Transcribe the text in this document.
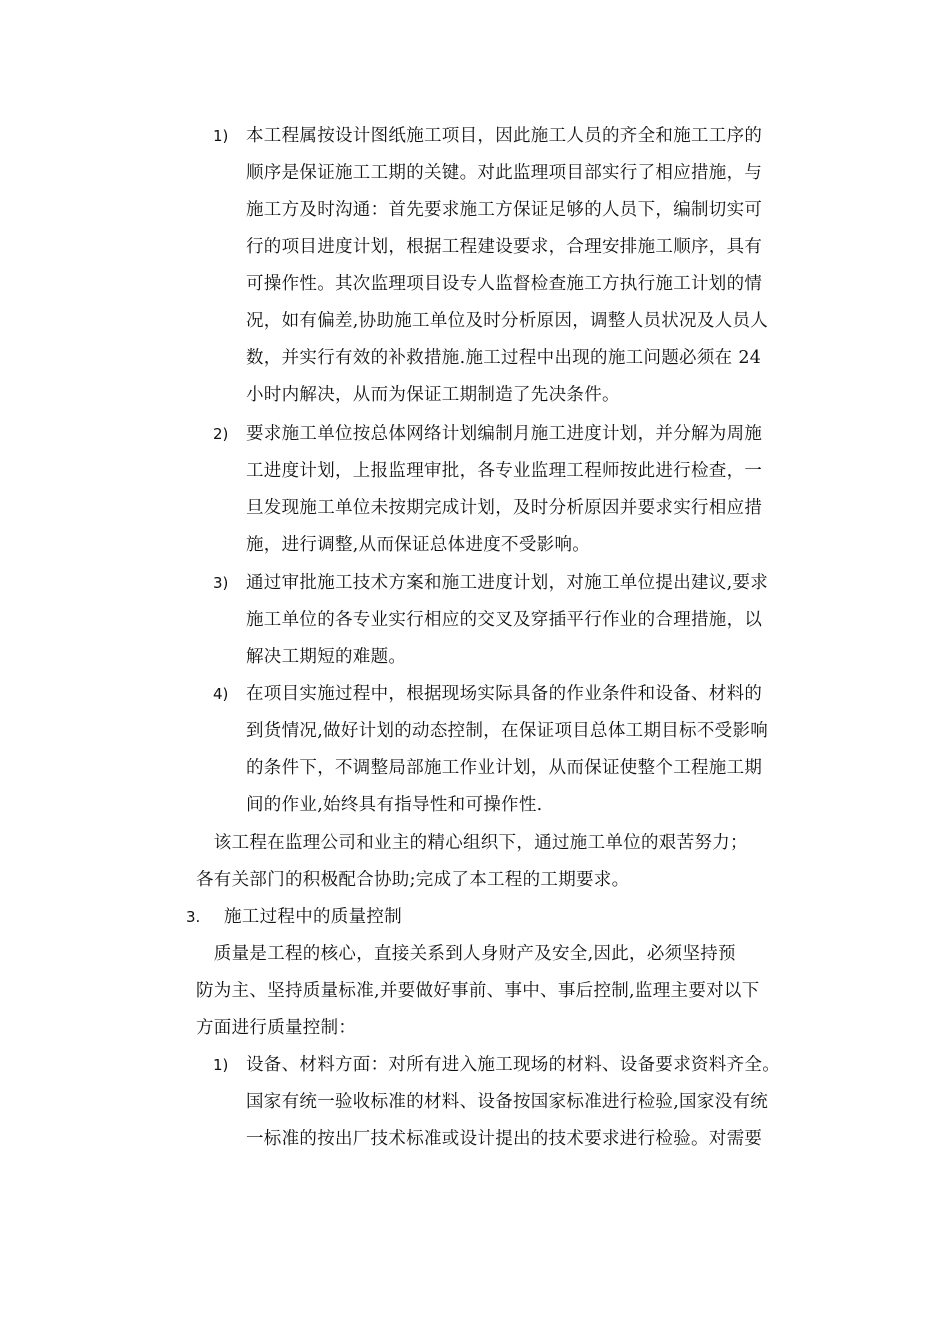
1) 本工程属按设计图纸施工项目，因此施工人员的齐全和施工工序的
顺序是保证施工工期的关键。对此监理项目部实行了相应措施，与
施工方及时沟通：首先要求施工方保证足够的人员下，编制切实可
行的项目进度计划，根据工程建设要求，合理安排施工顺序，具有
可操作性。其次监理项目设专人监督检查施工方执行施工计划的情
况，如有偏差,协助施工单位及时分析原因，调整人员状况及人员人
数，并实行有效的补救措施.施工过程中出现的施工问题必须在 24
小时内解决，从而为保证工期制造了先决条件。
2) 要求施工单位按总体网络计划编制月施工进度计划，并分解为周施
工进度计划，上报监理审批，各专业监理工程师按此进行检查，一
旦发现施工单位未按期完成计划，及时分析原因并要求实行相应措
施，进行调整,从而保证总体进度不受影响。
3) 通过审批施工技术方案和施工进度计划，对施工单位提出建议,要求
施工单位的各专业实行相应的交叉及穿插平行作业的合理措施，以
解决工期短的难题。
4) 在项目实施过程中，根据现场实际具备的作业条件和设备、材料的
到货情况,做好计划的动态控制，在保证项目总体工期目标不受影响
的条件下，不调整局部施工作业计划，从而保证使整个工程施工期
间的作业,始终具有指导性和可操作性.
　该工程在监理公司和业主的精心组织下，通过施工单位的艰苦努力；
各有关部门的积极配合协助;完成了本工程的工期要求。
3. 施工过程中的质量控制
　质量是工程的核心，直接关系到人身财产及安全,因此，必须坚持预
防为主、坚持质量标准,并要做好事前、事中、事后控制,监理主要对以下
方面进行质量控制：
1) 设备、材料方面：对所有进入施工现场的材料、设备要求资料齐全。
国家有统一验收标准的材料、设备按国家标准进行检验,国家没有统
一标准的按出厂技术标准或设计提出的技术要求进行检验。对需要
